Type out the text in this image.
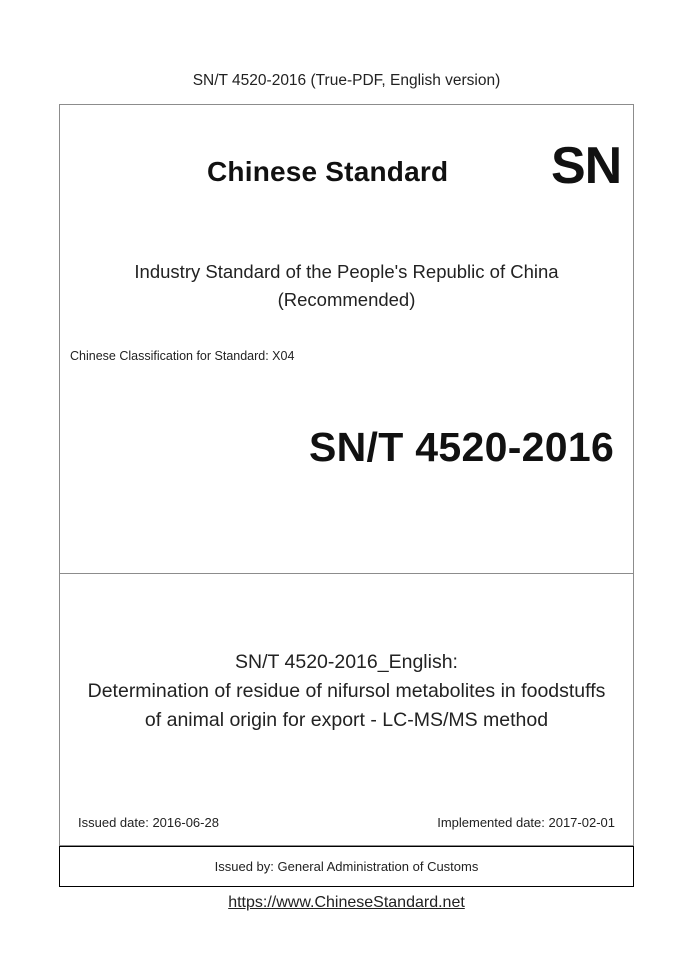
SN/T 4520-2016 (True-PDF, English version)
Chinese Standard SN
Industry Standard of the People's Republic of China
(Recommended)
Chinese Classification for Standard: X04
SN/T 4520-2016
SN/T 4520-2016_English:
Determination of residue of nifursol metabolites in foodstuffs
of animal origin for export - LC-MS/MS method
Issued date: 2016-06-28	Implemented date: 2017-02-01
Issued by: General Administration of Customs
https://www.ChineseStandard.net
